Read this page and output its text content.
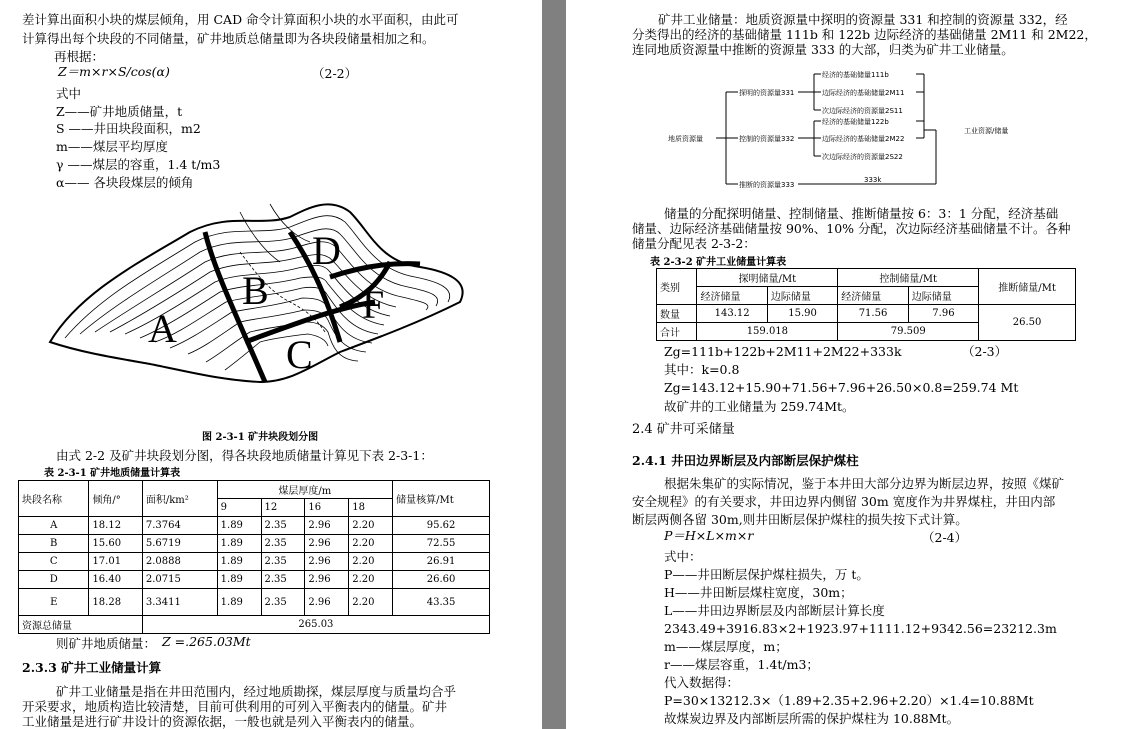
差计算出面积小块的煤层倾角，用 CAD 命令计算面积小块的水平面积，由此可
计算得出每个块段的不同储量，矿井地质总储量即为各块段储量相加之和。
再根据：
Z＝m×r×S/cos(α)	（2-2）
式中
Z——矿井地质储量，t
S ——井田块段面积，m2
m——煤层平均厚度
γ ——煤层的容重，1.4 t/m3
α—— 各块段煤层的倾角
A
B
C
D
F
图 2-3-1 矿井块段划分图
由式 2-2 及矿井块段划分图，得各块段地质储量计算见下表 2-3-1：
表 2-3-1 矿井地质储量计算表
块段名称	倾角/°	面积/km²	煤层厚度/m				储量核算/Mt
			9	12	16	18	
A	18.12	7.3764	1.89	2.35	2.96	2.20	95.62
B	15.60	5.6719	1.89	2.35	2.96	2.20	72.55
C	17.01	2.0888	1.89	2.35	2.96	2.20	26.91
D	16.40	2.0715	1.89	2.35	2.96	2.20	26.60
E	18.28	3.3411	1.89	2.35	2.96	2.20	43.35
资源总储量		265.03					
则矿井地质储量： Z =.265.03Mt
2.3.3 矿井工业储量计算
矿井工业储量是指在井田范围内，经过地质勘探，煤层厚度与质量均合乎
开采要求，地质构造比较清楚，目前可供利用的可列入平衡表内的储量。矿井
工业储量是进行矿井设计的资源依据，一般也就是列入平衡表内的储量。
矿井工业储量：地质资源量中探明的资源量 331 和控制的资源量 332，经
分类得出的经济的基础储量 111b 和 122b 边际经济的基础储量 2M11 和 2M22，
连同地质资源量中推断的资源量 333 的大部，归类为矿井工业储量。
地质资源量
探明的资源量331
控制的资源量332
推断的资源量333
经济的基础储量111b
边际经济的基础储量2M11
次边际经济的资源量2S11
经济的基础储量122b
边际经济的基础储量2M22
次边际经济的资源量2S22
333k
工业资源/储量
储量的分配探明储量、控制储量、推断储量按 6：3：1 分配，经济基础
储量、边际经济基础储量按 90%、10% 分配，次边际经济基础储量不计。各种
储量分配见表 2-3-2：
表 2-3-2 矿井工业储量计算表
类别	探明储量/Mt		控制储量/Mt		推断储量/Mt
	经济储量	边际储量	经济储量	边际储量	
数量	143.12	15.90	71.56	7.96	26.50
合计	159.018		79.509		
Zg=111b+122b+2M11+2M22+333k	（2-3）
其中：k=0.8
Zg=143.12+15.90+71.56+7.96+26.50×0.8=259.74 Mt
故矿井的工业储量为 259.74Mt。
2.4 矿井可采储量
2.4.1 井田边界断层及内部断层保护煤柱
根据朱集矿的实际情况，鉴于本井田大部分边界为断层边界，按照《煤矿
安全规程》的有关要求，井田边界内侧留 30m 宽度作为井界煤柱，井田内部
断层两侧各留 30m,则井田断层保护煤柱的损失按下式计算。
P＝H×L×m×r	（2-4）
式中：
P——井田断层保护煤柱损失，万 t。
H——井田断层煤柱宽度，30m；
L——井田边界断层及内部断层计算长度
2343.49+3916.83×2+1923.97+1111.12+9342.56=23212.3m
m——煤层厚度，m；
r——煤层容重，1.4t/m3；
代入数据得：
P=30×13212.3×（1.89+2.35+2.96+2.20）×1.4=10.88Mt
故煤炭边界及内部断层所需的保护煤柱为 10.88Mt。
